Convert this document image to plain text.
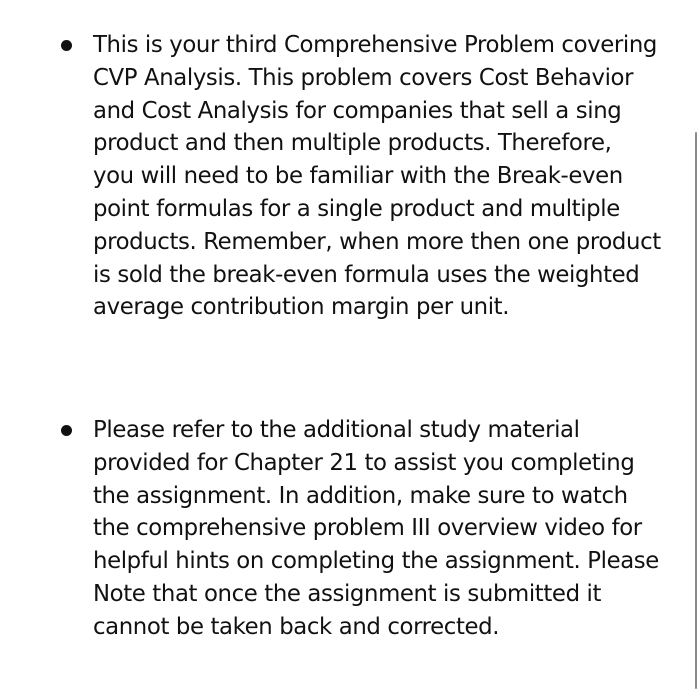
This is your third Comprehensive Problem covering
CVP Analysis. This problem covers Cost Behavior
and Cost Analysis for companies that sell a sing
product and then multiple products. Therefore,
you will need to be familiar with the Break-even
point formulas for a single product and multiple
products. Remember, when more then one product
is sold the break-even formula uses the weighted
average contribution margin per unit.
Please refer to the additional study material
provided for Chapter 21 to assist you completing
the assignment. In addition, make sure to watch
the comprehensive problem III overview video for
helpful hints on completing the assignment. Please
Note that once the assignment is submitted it
cannot be taken back and corrected.
